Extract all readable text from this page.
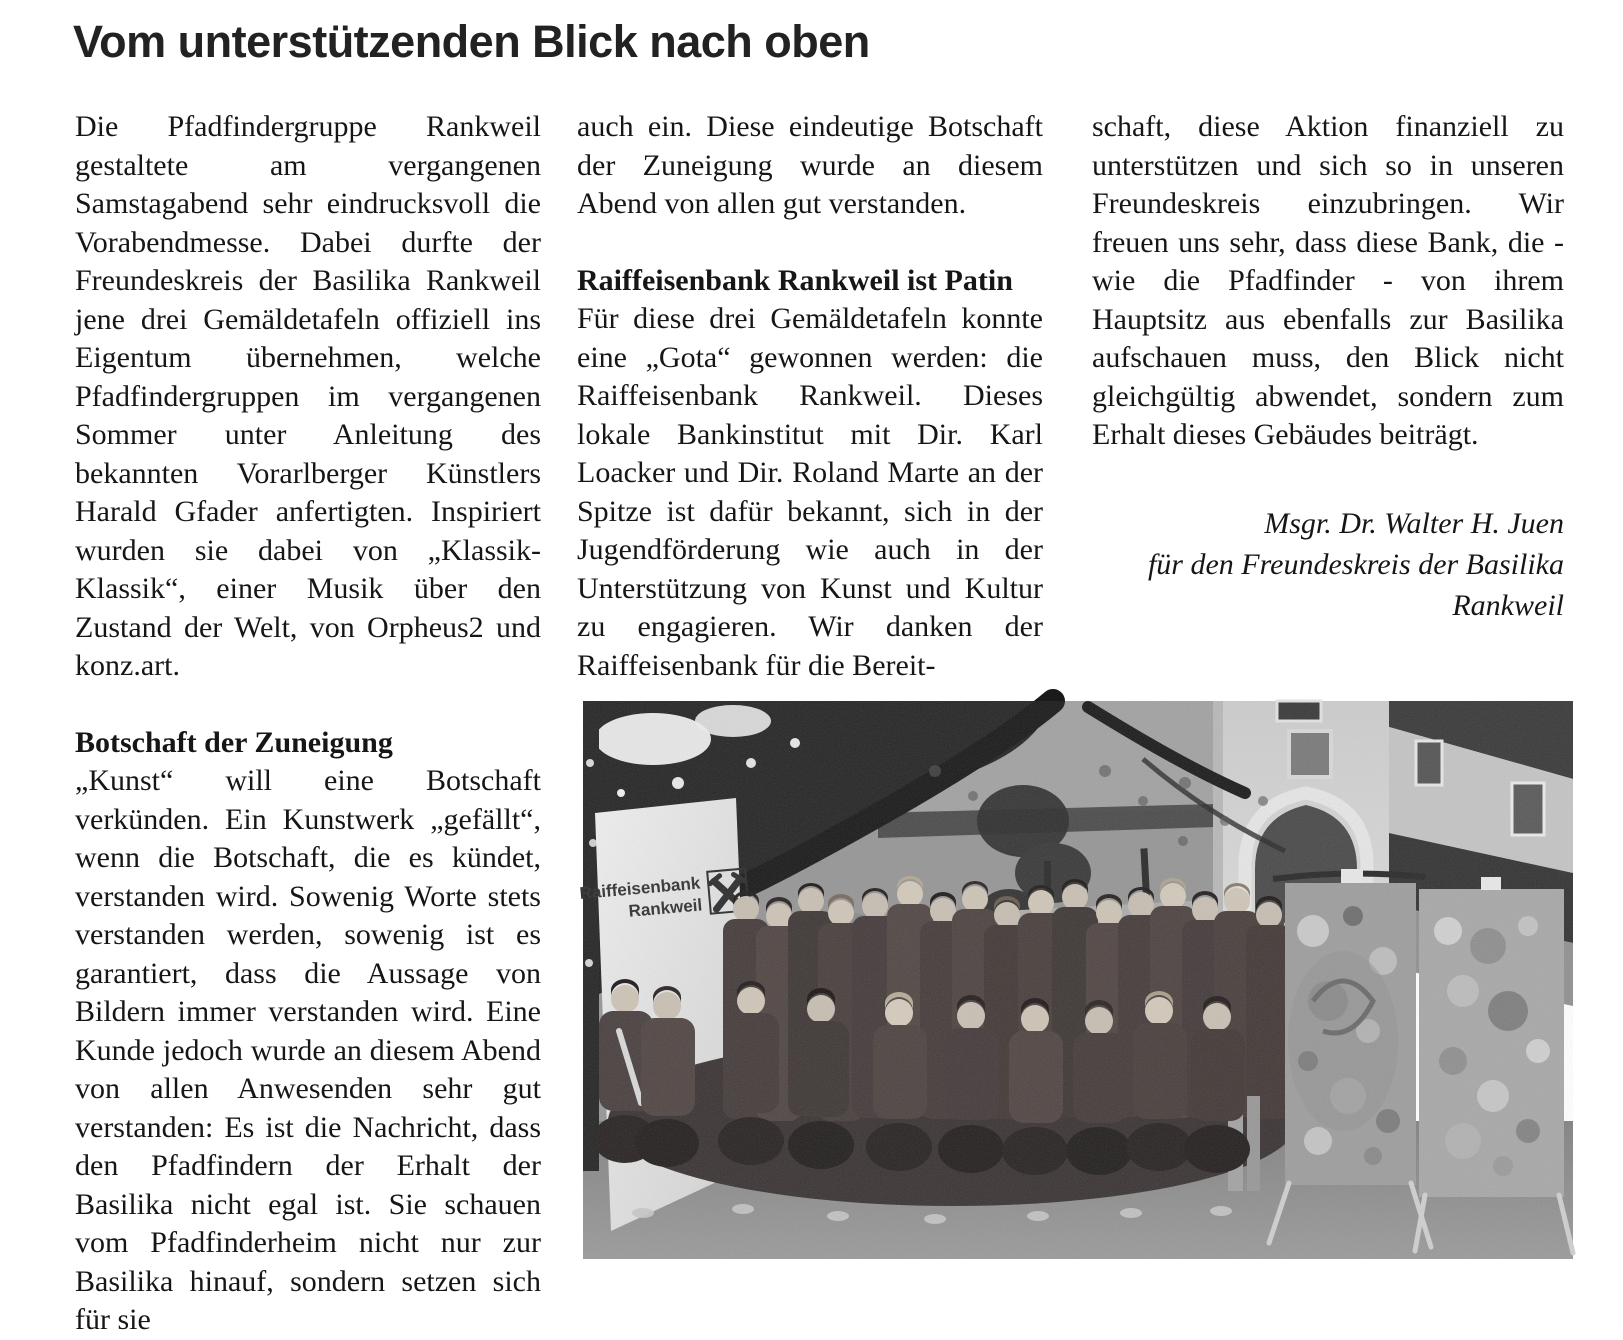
Vom unterstützenden Blick nach oben

Die Pfadfindergruppe Rankweil gestaltete am vergangenen Samstagabend sehr eindrucksvoll die Vorabendmesse. Dabei durfte der Freundeskreis der Basilika Rankweil jene drei Gemäldetafeln offiziell ins Eigentum übernehmen, welche Pfadfindergruppen im vergangenen Sommer unter Anleitung des bekannten Vorarlberger Künstlers Harald Gfader anfertigten. Inspiriert wurden sie dabei von „Klassik-Klassik“, einer Musik über den Zustand der Welt, von Orpheus2 und konz.art.

Botschaft der Zuneigung

„Kunst“ will eine Botschaft verkünden. Ein Kunstwerk „gefällt“, wenn die Botschaft, die es kündet, verstanden wird. Sowenig Worte stets verstanden werden, sowenig ist es garantiert, dass die Aussage von Bildern immer verstanden wird. Eine Kunde jedoch wurde an diesem Abend von allen Anwesenden sehr gut verstanden: Es ist die Nachricht, dass den Pfadfindern der Erhalt der Basilika nicht egal ist. Sie schauen vom Pfadfinderheim nicht nur zur Basilika hinauf, sondern setzen sich für sie

auch ein. Diese eindeutige Botschaft der Zuneigung wurde an diesem Abend von allen gut verstanden.

Raiffeisenbank Rankweil ist Patin

Für diese drei Gemäldetafeln konnte eine „Gota“ gewonnen werden: die Raiffeisenbank Rankweil. Dieses lokale Bankinstitut mit Dir. Karl Loacker und Dir. Roland Marte an der Spitze ist dafür bekannt, sich in der Jugendförderung wie auch in der Unterstützung von Kunst und Kultur zu engagieren. Wir danken der Raiffeisenbank für die Bereit-

schaft, diese Aktion finanziell zu unterstützen und sich so in unseren Freundeskreis einzubringen. Wir freuen uns sehr, dass diese Bank, die - wie die Pfadfinder - von ihrem Hauptsitz aus ebenfalls zur Basilika aufschauen muss, den Blick nicht gleichgültig abwendet, sondern zum Erhalt dieses Gebäudes beiträgt.

Msgr. Dr. Walter H. Juen
für den Freundeskreis der Basilika
Rankweil
Raiffeisenbank
Rankweil
